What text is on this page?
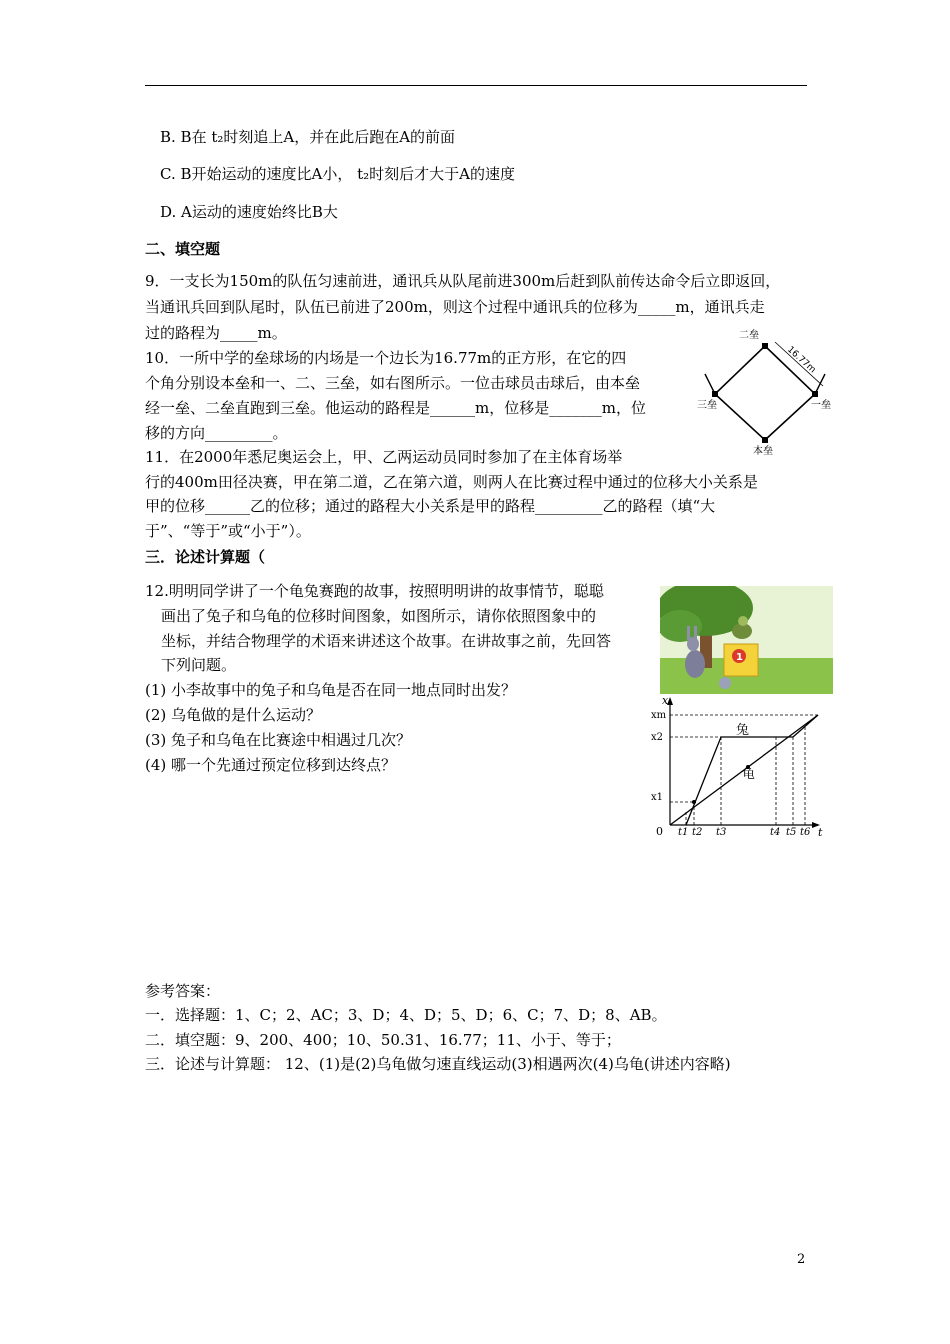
B. B在 t₂时刻追上A，并在此后跑在A的前面
C. B开始运动的速度比A小， t₂时刻后才大于A的速度
D. A运动的速度始终比B大
二、填空题
9．一支长为150m的队伍匀速前进，通讯兵从队尾前进300m后赶到队前传达命令后立即返回，
当通讯兵回到队尾时，队伍已前进了200m，则这个过程中通讯兵的位移为_____m，通讯兵走
过的路程为_____m。
10．一所中学的垒球场的内场是一个边长为16.77m的正方形，在它的四
个角分别设本垒和一、二、三垒，如右图所示。一位击球员击球后，由本垒
经一垒、二垒直跑到三垒。他运动的路程是______m，位移是_______m，位
移的方向_________。
11．在2000年悉尼奥运会上，甲、乙两运动员同时参加了在主体育场举
行的400m田径决赛，甲在第二道，乙在第六道，则两人在比赛过程中通过的位移大小关系是
甲的位移______乙的位移；通过的路程大小关系是甲的路程_________乙的路程（填“大
于”、“等于”或“小于”）。
二垒
三垒	一垒
本垒
16.77m
三．论述计算题（
12.明明同学讲了一个龟兔赛跑的故事，按照明明讲的故事情节，聪聪
画出了兔子和乌龟的位移时间图象，如图所示，请你依照图象中的
坐标，并结合物理学的术语来讲述这个故事。在讲故事之前，先回答
下列问题。
(1) 小李故事中的兔子和乌龟是否在同一地点同时出发？
(2) 乌龟做的是什么运动？
(3) 兔子和乌龟在比赛途中相遇过几次？
(4) 哪一个先通过预定位移到达终点？
1
x
t
0
xm
x2
x1
t1 t2 t3	t4 t5 t6
兔
龟
参考答案：
一．选择题：1、C；2、AC；3、D；4、D；5、D；6、C；7、D；8、AB。
二．填空题：9、200、400；10、50.31、16.77；11、小于、等于；
三．论述与计算题： 12、(1)是(2)乌龟做匀速直线运动(3)相遇两次(4)乌龟(讲述内容略)
2
